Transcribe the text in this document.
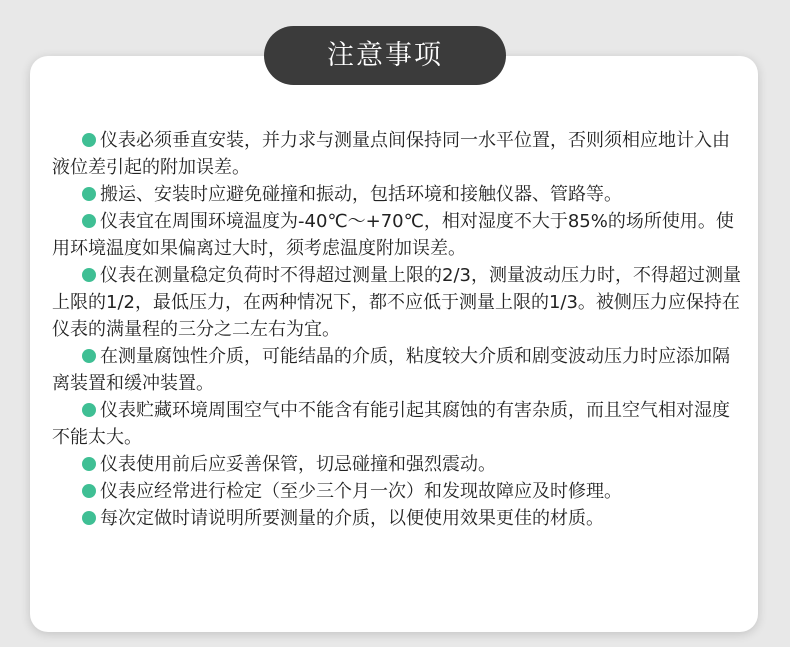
注意事项
仪表必须垂直安装，并力求与测量点间保持同一水平位置，否则须相应地计入由液位差引起的附加误差。
搬运、安装时应避免碰撞和振动，包括环境和接触仪器、管路等。
仪表宜在周围环境温度为-40℃～+70℃，相对湿度不大于85%的场所使用。使用环境温度如果偏离过大时，须考虑温度附加误差。
仪表在测量稳定负荷时不得超过测量上限的2/3，测量波动压力时，不得超过测量上限的1/2，最低压力，在两种情况下，都不应低于测量上限的1/3。被侧压力应保持在仪表的满量程的三分之二左右为宜。
在测量腐蚀性介质，可能结晶的介质，粘度较大介质和剧变波动压力时应添加隔离装置和缓冲装置。
仪表贮藏环境周围空气中不能含有能引起其腐蚀的有害杂质，而且空气相对湿度不能太大。
仪表使用前后应妥善保管，切忌碰撞和强烈震动。
仪表应经常进行检定（至少三个月一次）和发现故障应及时修理。
每次定做时请说明所要测量的介质，以便使用效果更佳的材质。
